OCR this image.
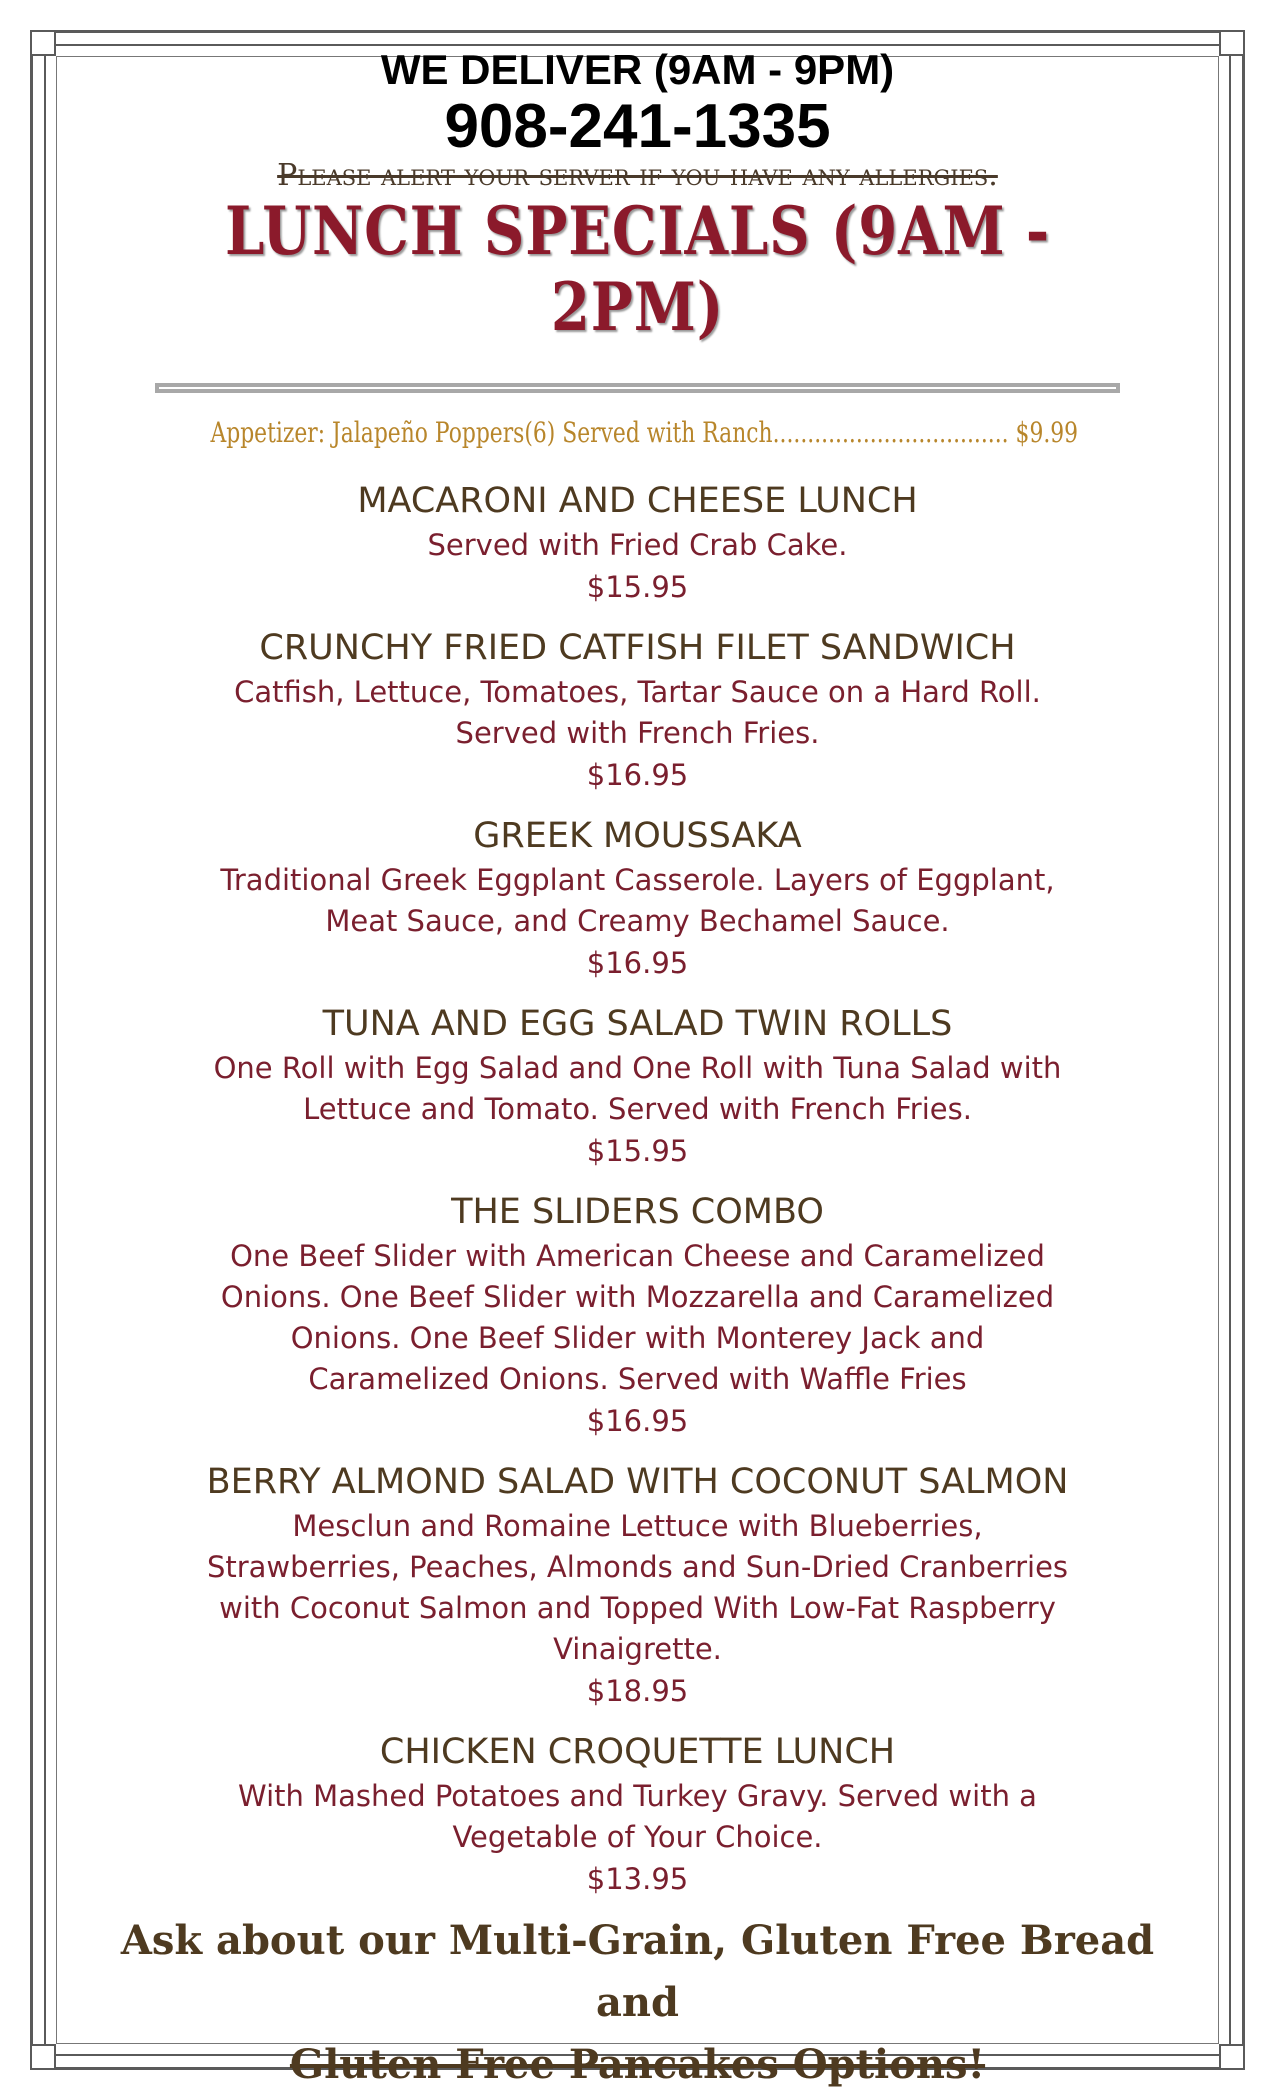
WE DELIVER (9AM - 9PM)

908-241-1335

Please alert your server if you have any allergies.

LUNCH SPECIALS (9AM - 2PM)

Appetizer: Jalapeño Poppers(6) Served with Ranch.................................. $9.99

MACARONI AND CHEESE LUNCH

Served with Fried Crab Cake.

$15.95

CRUNCHY FRIED CATFISH FILET SANDWICH

Catfish, Lettuce, Tomatoes, Tartar Sauce on a Hard Roll.

Served with French Fries.

$16.95

GREEK MOUSSAKA

Traditional Greek Eggplant Casserole. Layers of Eggplant,

Meat Sauce, and Creamy Bechamel Sauce.

$16.95

TUNA AND EGG SALAD TWIN ROLLS

One Roll with Egg Salad and One Roll with Tuna Salad with

Lettuce and Tomato. Served with French Fries.

$15.95

THE SLIDERS COMBO

One Beef Slider with American Cheese and Caramelized

Onions. One Beef Slider with Mozzarella and Caramelized

Onions. One Beef Slider with Monterey Jack and

Caramelized Onions. Served with Waffle Fries

$16.95

BERRY ALMOND SALAD WITH COCONUT SALMON

Mesclun and Romaine Lettuce with Blueberries,

Strawberries, Peaches, Almonds and Sun-Dried Cranberries

with Coconut Salmon and Topped With Low-Fat Raspberry

Vinaigrette.

$18.95

CHICKEN CROQUETTE LUNCH

With Mashed Potatoes and Turkey Gravy. Served with a

Vegetable of Your Choice.

$13.95

Ask about our Multi-Grain, Gluten Free Bread and
Gluten Free Pancakes Options!
